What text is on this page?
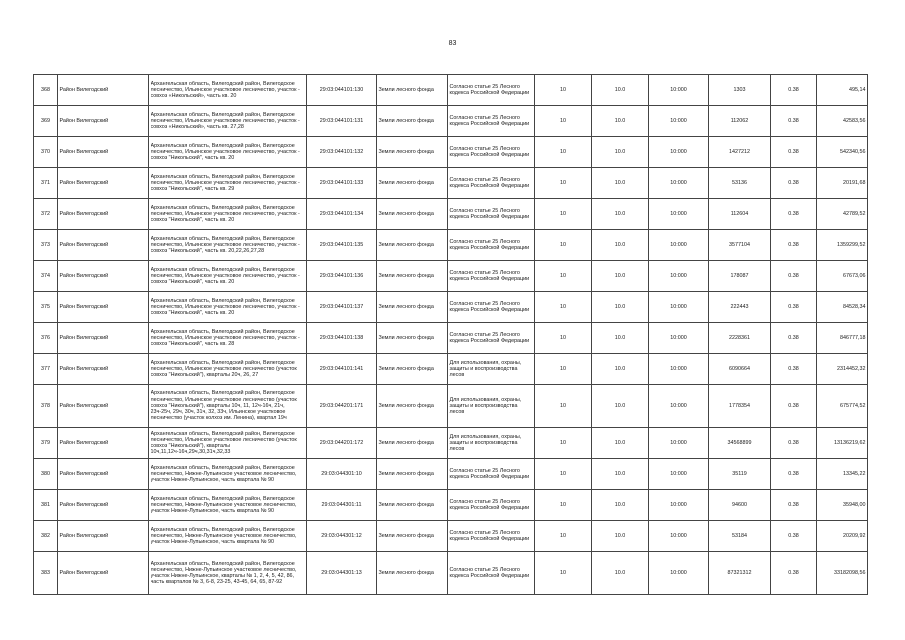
83
368	Район Вилегодский	Архангельская область, Вилегодский район, Вилегодское лесничество, Ильинское участковое лесничество, участок - совхоз «Никольский», часть кв. 20	29:03:044101:130	Земли лесного фонда	Согласно статье 25 Лесного кодекса Российской Федерации	10	10.0	10:000	1303	0.38	495,14
369	Район Вилегодский	Архангельская область, Вилегодский район, Вилегодское лесничество, Ильинское участковое лесничество, участок - совхоз «Никольский», часть кв. 27,28	29:03:044101:131	Земли лесного фонда	Согласно статье 25 Лесного кодекса Российской Федерации	10	10.0	10:000	112062	0.38	42583,56
370	Район Вилегодский	Архангельская область, Вилегодский район, Вилегодское лесничество, Ильинское участковое лесничество, участок - совхоз "Никольский", часть кв. 20	29:03:044101:132	Земли лесного фонда	Согласно статье 25 Лесного кодекса Российской Федерации	10	10.0	10:000	1427212	0.38	542340,56
371	Район Вилегодский	Архангельская область, Вилегодский район, Вилегодское лесничество, Ильинское участковое лесничество, участок - совхоз "Никольский", часть кв. 29	29:03:044101:133	Земли лесного фонда	Согласно статье 25 Лесного кодекса Российской Федерации	10	10.0	10:000	53136	0.38	20191,68
372	Район Вилегодский	Архангельская область, Вилегодский район, Вилегодское лесничество, Ильинское участковое лесничество, участок - совхоз "Никольский", часть кв. 20	29:03:044101:134	Земли лесного фонда	Согласно статье 25 Лесного кодекса Российской Федерации	10	10.0	10:000	112604	0.38	42789,52
373	Район Вилегодский	Архангельская область, Вилегодский район, Вилегодское лесничество, Ильинское участковое лесничество, участок - совхоз "Никольский", часть кв. 20,22,26,27,28	29:03:044101:135	Земли лесного фонда	Согласно статье 25 Лесного кодекса Российской Федерации	10	10.0	10:000	3577104	0.38	1359299,52
374	Район Вилегодский	Архангельская область, Вилегодский район, Вилегодское лесничество, Ильинское участковое лесничество, участок - совхоз "Никольский", часть кв. 20	29:03:044101:136	Земли лесного фонда	Согласно статье 25 Лесного кодекса Российской Федерации	10	10.0	10:000	178087	0.38	67673,06
375	Район Вилегодский	Архангельская область, Вилегодский район, Вилегодское лесничество, Ильинское участковое лесничество, участок - совхоз "Никольский", часть кв. 20	29:03:044101:137	Земли лесного фонда	Согласно статье 25 Лесного кодекса Российской Федерации	10	10.0	10:000	222443	0.38	84528,34
376	Район Вилегодский	Архангельская область, Вилегодский район, Вилегодское лесничество, Ильинское участковое лесничество, участок - совхоз "Никольский", часть кв. 28	29:03:044101:138	Земли лесного фонда	Согласно статье 25 Лесного кодекса Российской Федерации	10	10.0	10:000	2228361	0.38	846777,18
377	Район Вилегодский	Архангельская область, Вилегодский район, Вилегодское лесничество, Ильинское участковое лесничество (участок совхоз "Никольский"), кварталы 20ч, 26, 27	29:03:044101:141	Земли лесного фонда	Для использования, охраны, защиты и воспроизводства лесов	10	10.0	10:000	6090664	0.38	2314452,32
378	Район Вилегодский	Архангельская область, Вилегодский район, Вилегодское лесничество, Ильинское участковое лесничество (участок совхоз "Никольский"), кварталы 10ч, 11, 12ч-16ч, 21ч, 23ч-25ч, 29ч, 30ч, 31ч, 32, 33ч, Ильинское участковое лесничество (участок колхоз им. Ленина), квартал 19ч	29:03:044201:171	Земли лесного фонда	Для использования, охраны, защиты и воспроизводства лесов	10	10.0	10:000	1778354	0.38	675774,52
379	Район Вилегодский	Архангельская область, Вилегодский район, Вилегодское лесничество, Ильинское участковое лесничество (участок совхоз "Никольский"), кварталы 10ч,11,12ч-16ч,29ч,30,31ч,32,33	29:03:044201:172	Земли лесного фонда	Для использования, охраны, защиты и воспроизводства лесов	10	10.0	10:000	34568899	0.38	13136219,62
380	Район Вилегодский	Архангельская область, Вилегодский район, Вилегодское лесничество, Нижне-Лупьинское участковое лесничество, участок Нижне-Лупьинское, часть квартала № 90	29:03:044301:10	Земли лесного фонда	Согласно статье 25 Лесного кодекса Российской Федерации	10	10.0	10:000	35119	0.38	13345,22
381	Район Вилегодский	Архангельская область, Вилегодский район, Вилегодское лесничество, Нижне-Лупьинское участковое лесничество, участок Нижне-Лупьинское, часть квартала № 90	29:03:044301:11	Земли лесного фонда	Согласно статье 25 Лесного кодекса Российской Федерации	10	10.0	10:000	94600	0.38	35948,00
382	Район Вилегодский	Архангельская область, Вилегодский район, Вилегодское лесничество, Нижне-Лупьинское участковое лесничество, участок Нижне-Лупьинское, часть квартала № 90	29:03:044301:12	Земли лесного фонда	Согласно статье 25 Лесного кодекса Российской Федерации	10	10.0	10:000	53184	0.38	20209,92
383	Район Вилегодский	Архангельская область, Вилегодский район, Вилегодское лесничество, Нижне-Лупьинское участковое лесничество, участок Нижне-Лупьинское, кварталы № 1, 2, 4, 5, 42, 86, часть кварталов № 3, 6-8, 23-25, 43-45, 64, 65, 87-92	29:03:044301:13	Земли лесного фонда	Согласно статье 25 Лесного кодекса Российской Федерации	10	10.0	10:000	87321312	0.38	33182098,56
